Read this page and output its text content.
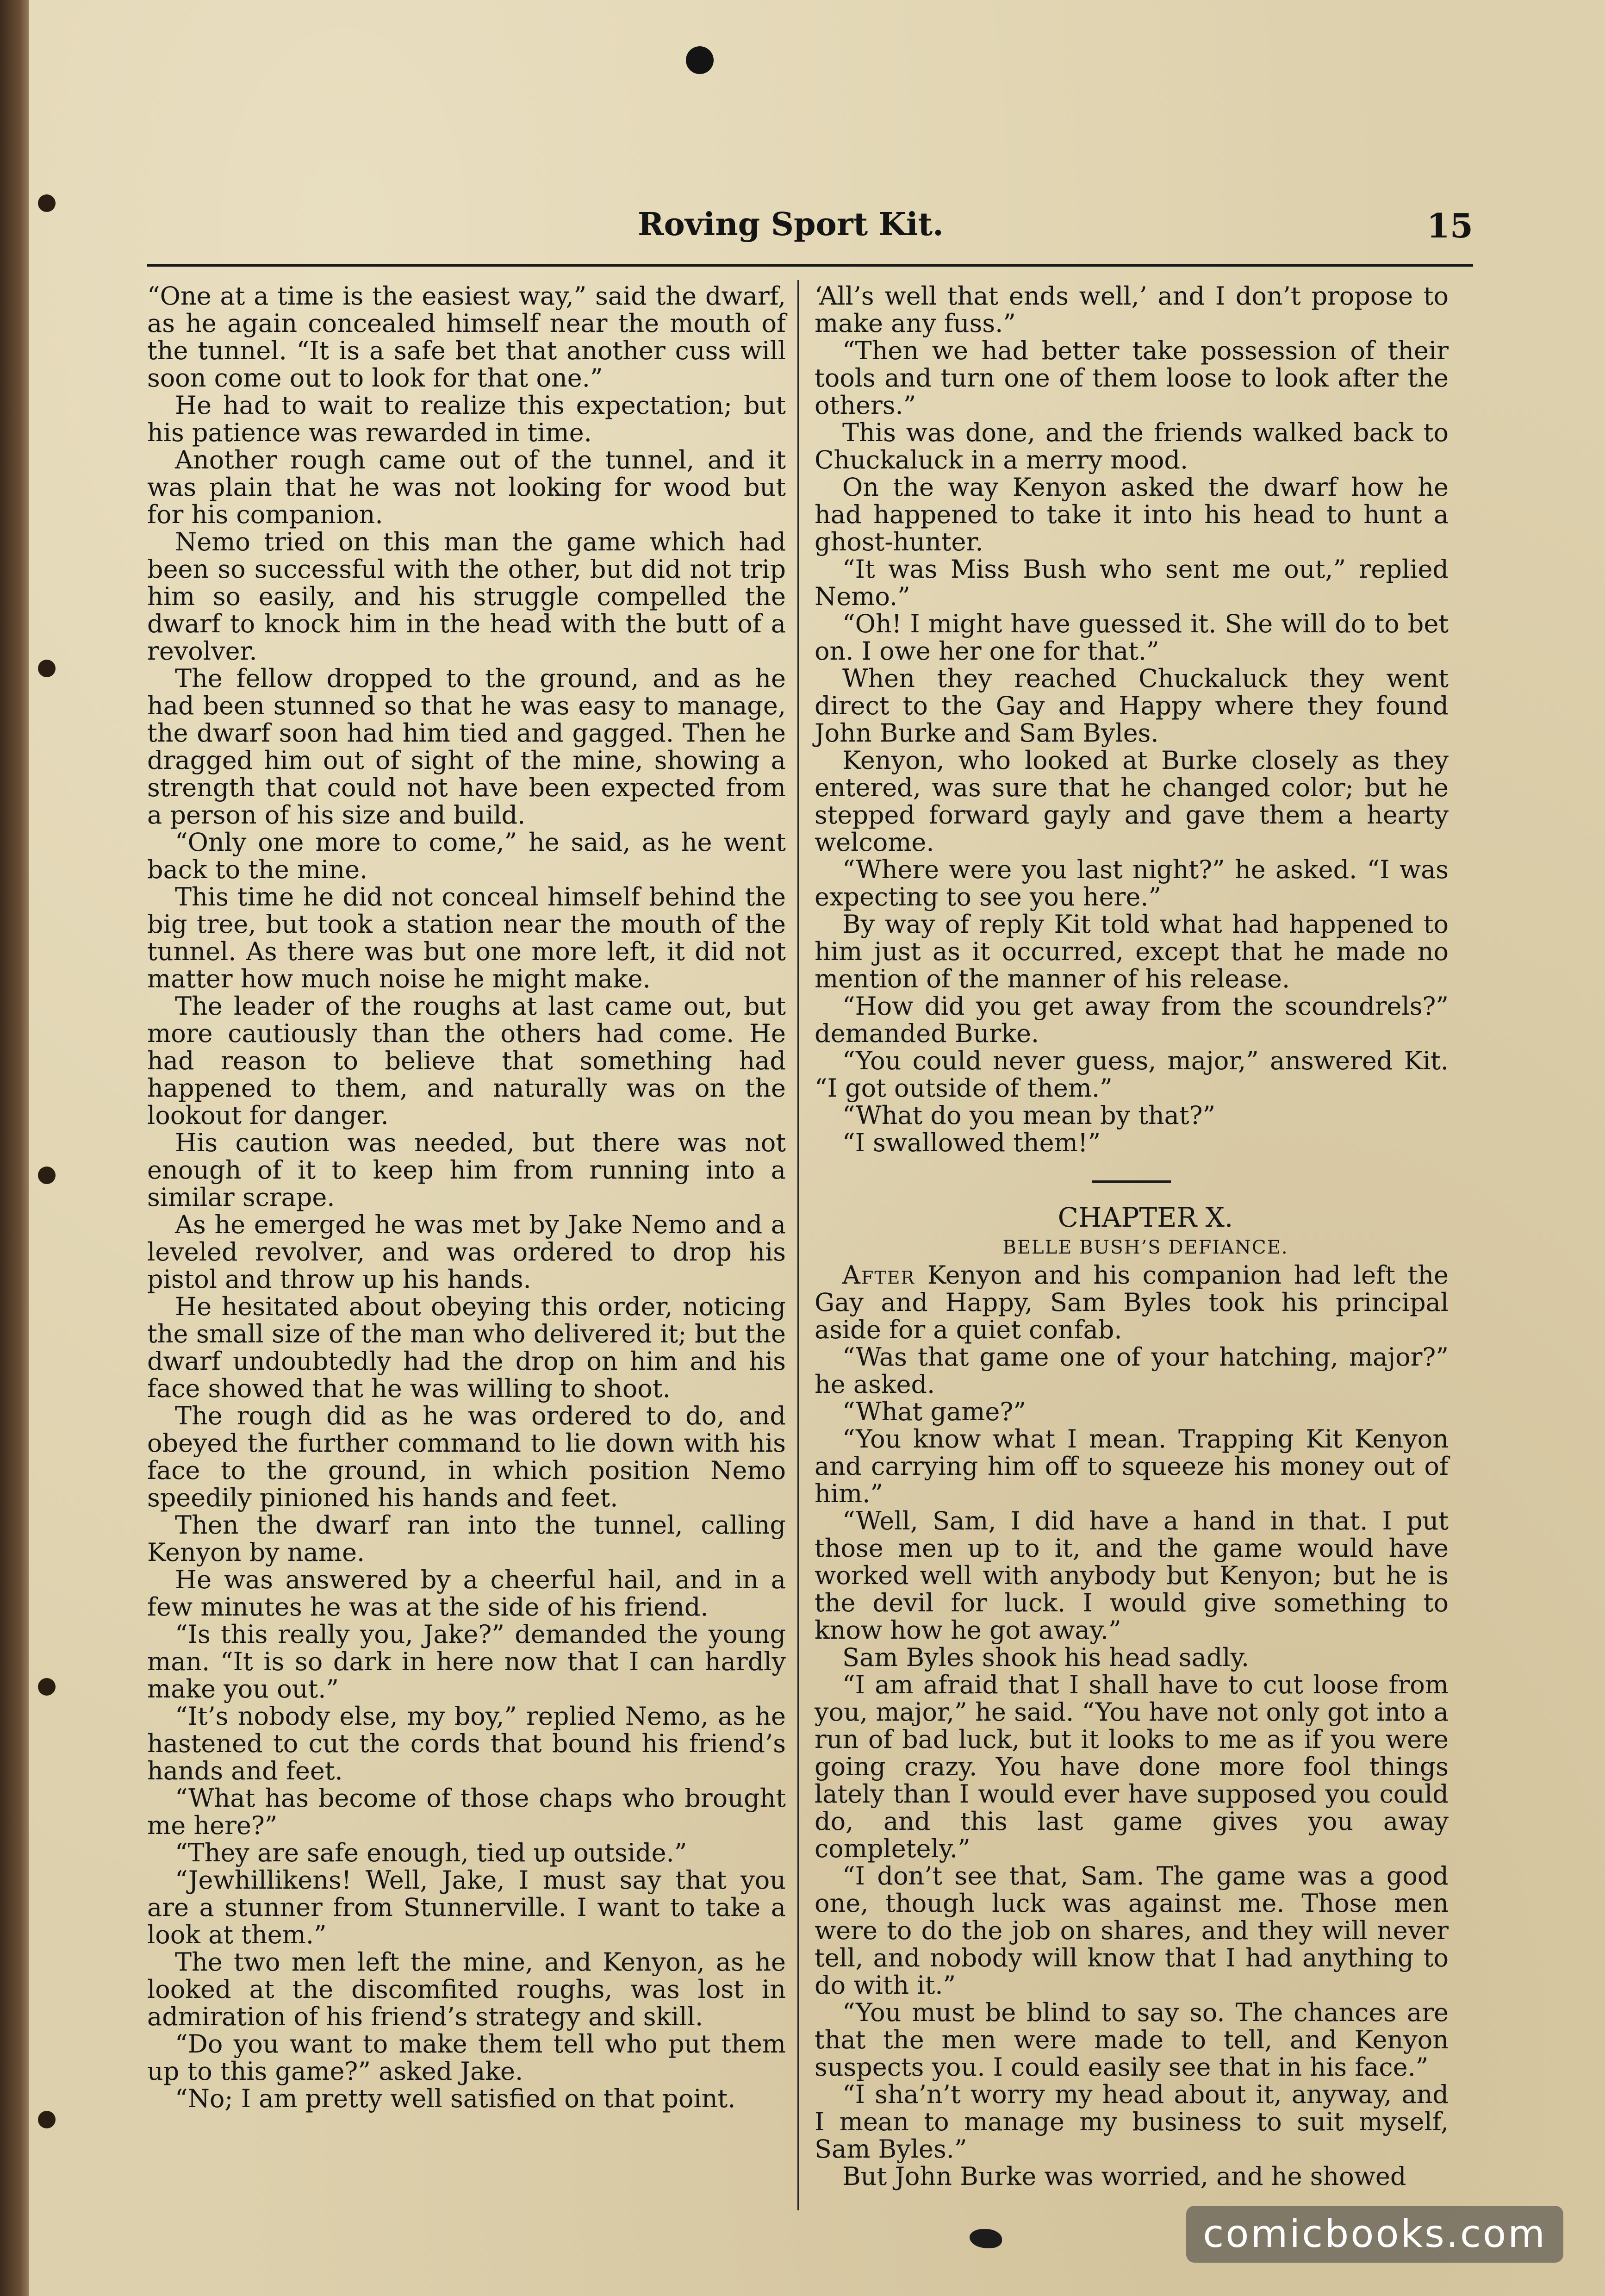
Roving Sport Kit.	15

“One at a time is the easiest way,” said the dwarf, as he again concealed himself near the mouth of the tunnel. “It is a safe bet that another cuss will soon come out to look for that one.”

He had to wait to realize this expectation; but his patience was rewarded in time.

Another rough came out of the tunnel, and it was plain that he was not looking for wood but for his companion.

Nemo tried on this man the game which had been so successful with the other, but did not trip him so easily, and his struggle compelled the dwarf to knock him in the head with the butt of a revolver.

The fellow dropped to the ground, and as he had been stunned so that he was easy to manage, the dwarf soon had him tied and gagged. Then he dragged him out of sight of the mine, showing a strength that could not have been expected from a person of his size and build.

“Only one more to come,” he said, as he went back to the mine.

This time he did not conceal himself behind the big tree, but took a station near the mouth of the tunnel. As there was but one more left, it did not matter how much noise he might make.

The leader of the roughs at last came out, but more cautiously than the others had come. He had reason to believe that something had happened to them, and naturally was on the lookout for danger.

His caution was needed, but there was not enough of it to keep him from running into a similar scrape.

As he emerged he was met by Jake Nemo and a leveled revolver, and was ordered to drop his pistol and throw up his hands.

He hesitated about obeying this order, noticing the small size of the man who delivered it; but the dwarf undoubtedly had the drop on him and his face showed that he was willing to shoot.

The rough did as he was ordered to do, and obeyed the further command to lie down with his face to the ground, in which position Nemo speedily pinioned his hands and feet.

Then the dwarf ran into the tunnel, calling Kenyon by name.

He was answered by a cheerful hail, and in a few minutes he was at the side of his friend.

“Is this really you, Jake?” demanded the young man. “It is so dark in here now that I can hardly make you out.”

“It’s nobody else, my boy,” replied Nemo, as he hastened to cut the cords that bound his friend’s hands and feet.

“What has become of those chaps who brought me here?”

“They are safe enough, tied up outside.”

“Jewhillikens! Well, Jake, I must say that you are a stunner from Stunnerville. I want to take a look at them.”

The two men left the mine, and Kenyon, as he looked at the discomfited roughs, was lost in admiration of his friend’s strategy and skill.

“Do you want to make them tell who put them up to this game?” asked Jake.

“No; I am pretty well satisfied on that point.

‘All’s well that ends well,’ and I don’t propose to make any fuss.”

“Then we had better take possession of their tools and turn one of them loose to look after the others.”

This was done, and the friends walked back to Chuckaluck in a merry mood.

On the way Kenyon asked the dwarf how he had happened to take it into his head to hunt a ghost-hunter.

“It was Miss Bush who sent me out,” replied Nemo.”

“Oh! I might have guessed it. She will do to bet on. I owe her one for that.”

When they reached Chuckaluck they went direct to the Gay and Happy where they found John Burke and Sam Byles.

Kenyon, who looked at Burke closely as they entered, was sure that he changed color; but he stepped forward gayly and gave them a hearty welcome.

“Where were you last night?” he asked. “I was expecting to see you here.”

By way of reply Kit told what had happened to him just as it occurred, except that he made no mention of the manner of his release.

“How did you get away from the scoundrels?” demanded Burke.

“You could never guess, major,” answered Kit. “I got outside of them.”

“What do you mean by that?”

“I swallowed them!”

CHAPTER X.

BELLE BUSH’S DEFIANCE.

After Kenyon and his companion had left the Gay and Happy, Sam Byles took his principal aside for a quiet confab.

“Was that game one of your hatching, major?” he asked.

“What game?”

“You know what I mean. Trapping Kit Kenyon and carrying him off to squeeze his money out of him.”

“Well, Sam, I did have a hand in that. I put those men up to it, and the game would have worked well with anybody but Kenyon; but he is the devil for luck. I would give something to know how he got away.”

Sam Byles shook his head sadly.

“I am afraid that I shall have to cut loose from you, major,” he said. “You have not only got into a run of bad luck, but it looks to me as if you were going crazy. You have done more fool things lately than I would ever have supposed you could do, and this last game gives you away completely.”

“I don’t see that, Sam. The game was a good one, though luck was against me. Those men were to do the job on shares, and they will never tell, and nobody will know that I had anything to do with it.”

“You must be blind to say so. The chances are that the men were made to tell, and Kenyon suspects you. I could easily see that in his face.”

“I sha’n’t worry my head about it, anyway, and I mean to manage my business to suit myself, Sam Byles.”

But John Burke was worried, and he showed

comicbooks.com
